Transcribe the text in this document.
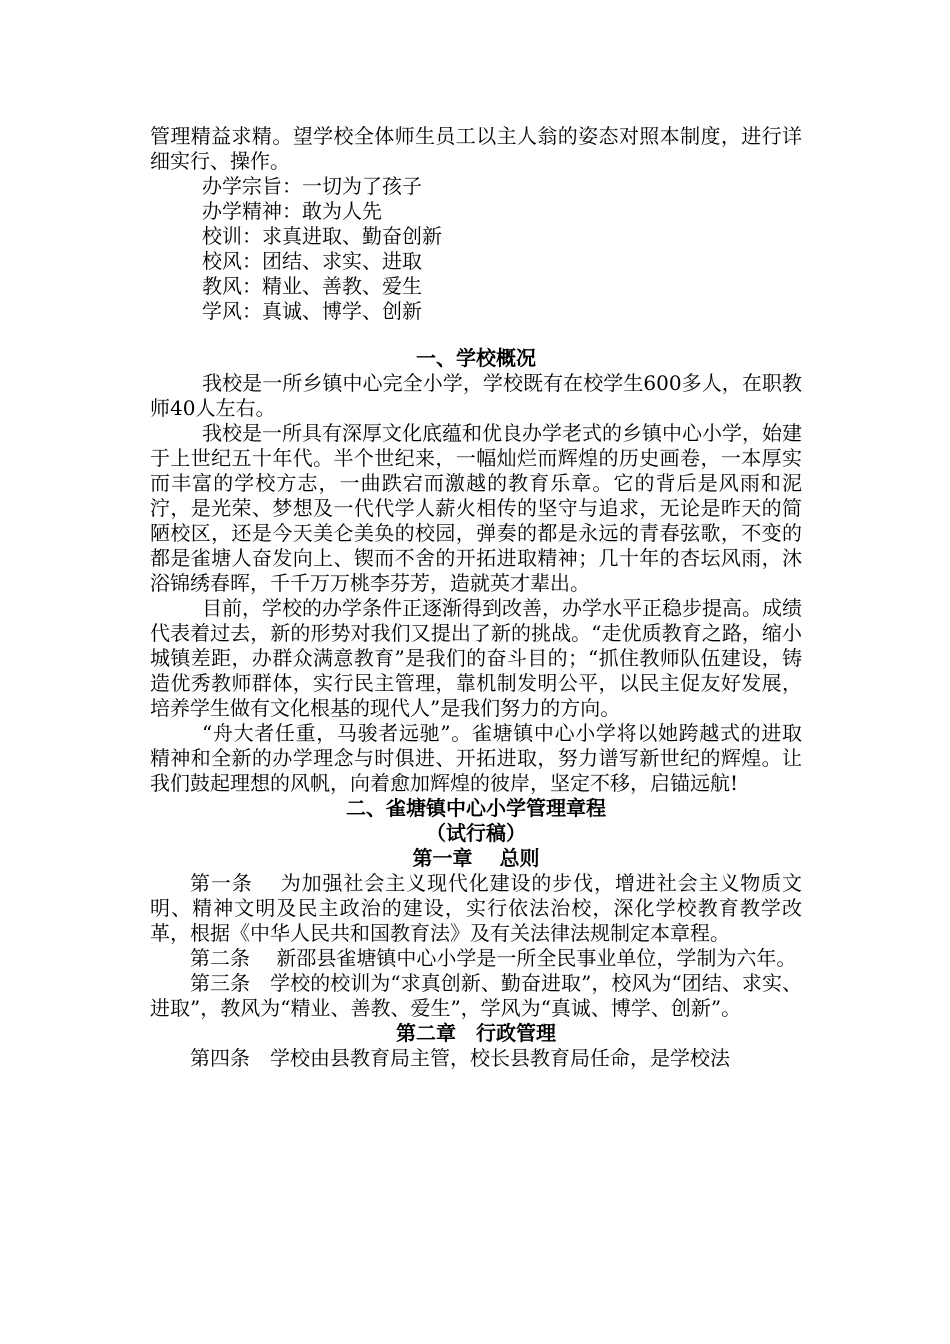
管理精益求精。望学校全体师生员工以主人翁的姿态对照本制度，进行详细实行、操作。

办学宗旨：一切为了孩子

办学精神：敢为人先

校训：求真进取、勤奋创新

校风：团结、求实、进取

教风：精业、善教、爱生

学风：真诚、博学、创新

一、学校概况

我校是一所乡镇中心完全小学，学校既有在校学生600多人，在职教师40人左右。

我校是一所具有深厚文化底蕴和优良办学老式的乡镇中心小学，始建于上世纪五十年代。半个世纪来，一幅灿烂而辉煌的历史画卷，一本厚实而丰富的学校方志，一曲跌宕而激越的教育乐章。它的背后是风雨和泥泞，是光荣、梦想及一代代学人薪火相传的坚守与追求，无论是昨天的简陋校区，还是今天美仑美奂的校园，弹奏的都是永远的青春弦歌，不变的都是雀塘人奋发向上、锲而不舍的开拓进取精神；几十年的杏坛风雨，沐浴锦绣春晖，千千万万桃李芬芳，造就英才辈出。

目前，学校的办学条件正逐渐得到改善，办学水平正稳步提高。成绩代表着过去，新的形势对我们又提出了新的挑战。“走优质教育之路，缩小城镇差距，办群众满意教育”是我们的奋斗目的；“抓住教师队伍建设，铸造优秀教师群体，实行民主管理，靠机制发明公平，以民主促友好发展，培养学生做有文化根基的现代人”是我们努力的方向。

“舟大者任重，马骏者远驰”。雀塘镇中心小学将以她跨越式的进取精神和全新的办学理念与时俱进、开拓进取，努力谱写新世纪的辉煌。让我们鼓起理想的风帆，向着愈加辉煌的彼岸，坚定不移，启锚远航!

二、雀塘镇中心小学管理章程
（试行稿）
第一章　 总则

第一条　 为加强社会主义现代化建设的步伐，增进社会主义物质文明、精神文明及民主政治的建设，实行依法治校，深化学校教育教学改革，根据《中华人民共和国教育法》及有关法律法规制定本章程。

第二条　 新邵县雀塘镇中心小学是一所全民事业单位，学制为六年。

第三条　学校的校训为“求真创新、勤奋进取”，校风为“团结、求实、进取”，教风为“精业、善教、爱生”，学风为“真诚、博学、创新”。

第二章　行政管理

第四条　学校由县教育局主管，校长县教育局任命，是学校法
